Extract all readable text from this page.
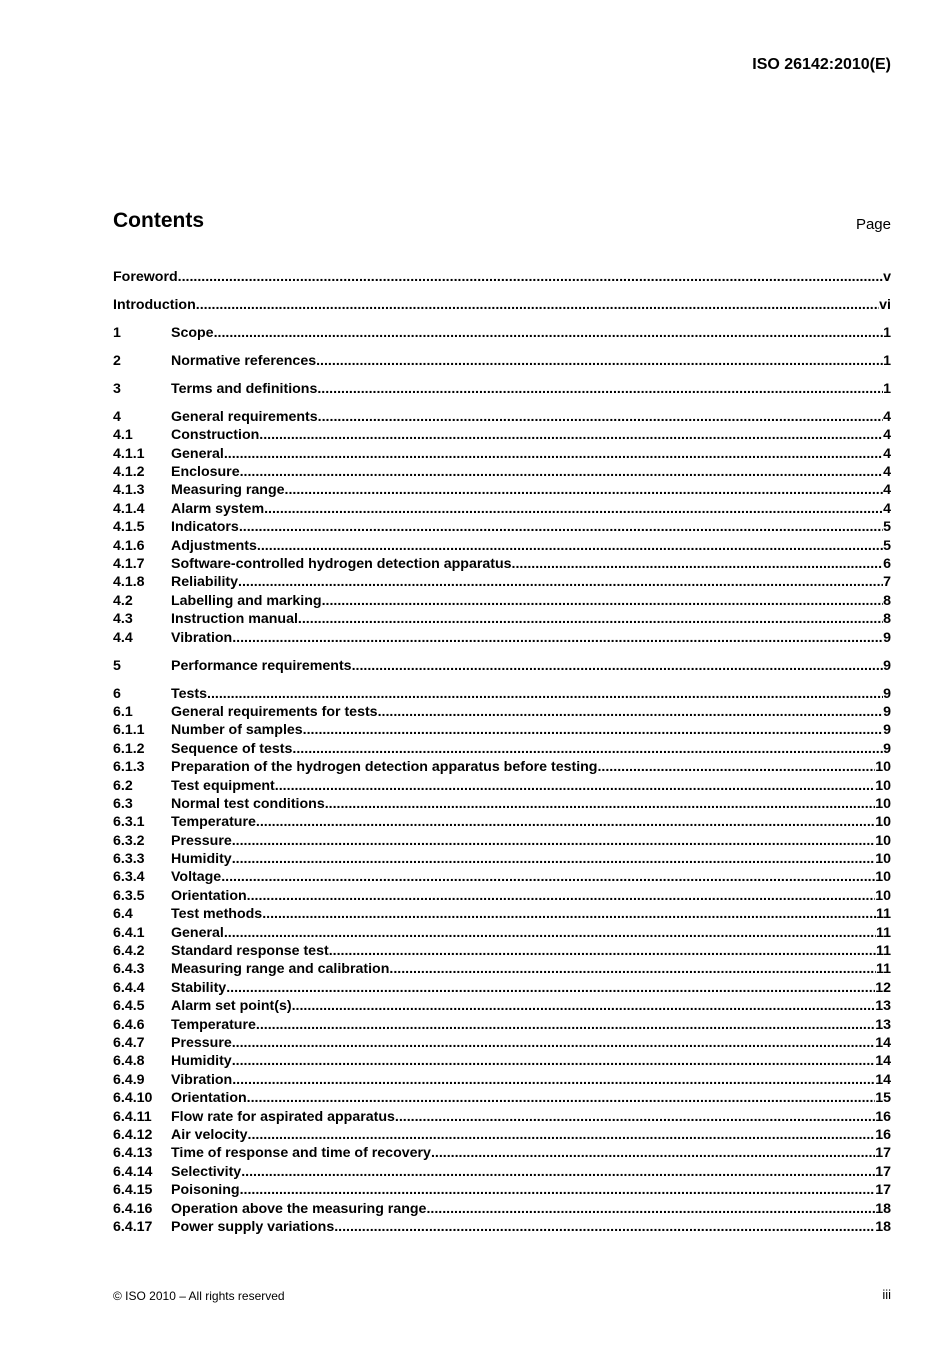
ISO 26142:2010(E)
Contents	Page
Foreword .....	v
Introduction .....	vi
1	Scope .....	1
2	Normative references .....	1
3	Terms and definitions .....	1
4	General requirements .....	4
4.1	Construction .....	4
4.1.1	General .....	4
4.1.2	Enclosure .....	4
4.1.3	Measuring range .....	4
4.1.4	Alarm system .....	4
4.1.5	Indicators .....	5
4.1.6	Adjustments .....	5
4.1.7	Software-controlled hydrogen detection apparatus .....	6
4.1.8	Reliability .....	7
4.2	Labelling and marking .....	8
4.3	Instruction manual .....	8
4.4	Vibration .....	9
5	Performance requirements .....	9
6	Tests .....	9
6.1	General requirements for tests .....	9
6.1.1	Number of samples .....	9
6.1.2	Sequence of tests .....	9
6.1.3	Preparation of the hydrogen detection apparatus before testing .....	10
6.2	Test equipment .....	10
6.3	Normal test conditions .....	10
6.3.1	Temperature .....	10
6.3.2	Pressure .....	10
6.3.3	Humidity .....	10
6.3.4	Voltage .....	10
6.3.5	Orientation .....	10
6.4	Test methods .....	11
6.4.1	General .....	11
6.4.2	Standard response test .....	11
6.4.3	Measuring range and calibration .....	11
6.4.4	Stability .....	12
6.4.5	Alarm set point(s) .....	13
6.4.6	Temperature .....	13
6.4.7	Pressure .....	14
6.4.8	Humidity .....	14
6.4.9	Vibration .....	14
6.4.10	Orientation .....	15
6.4.11	Flow rate for aspirated apparatus .....	16
6.4.12	Air velocity .....	16
6.4.13	Time of response and time of recovery .....	17
6.4.14	Selectivity .....	17
6.4.15	Poisoning .....	17
6.4.16	Operation above the measuring range .....	18
6.4.17	Power supply variations .....	18
© ISO 2010 – All rights reserved	iii
